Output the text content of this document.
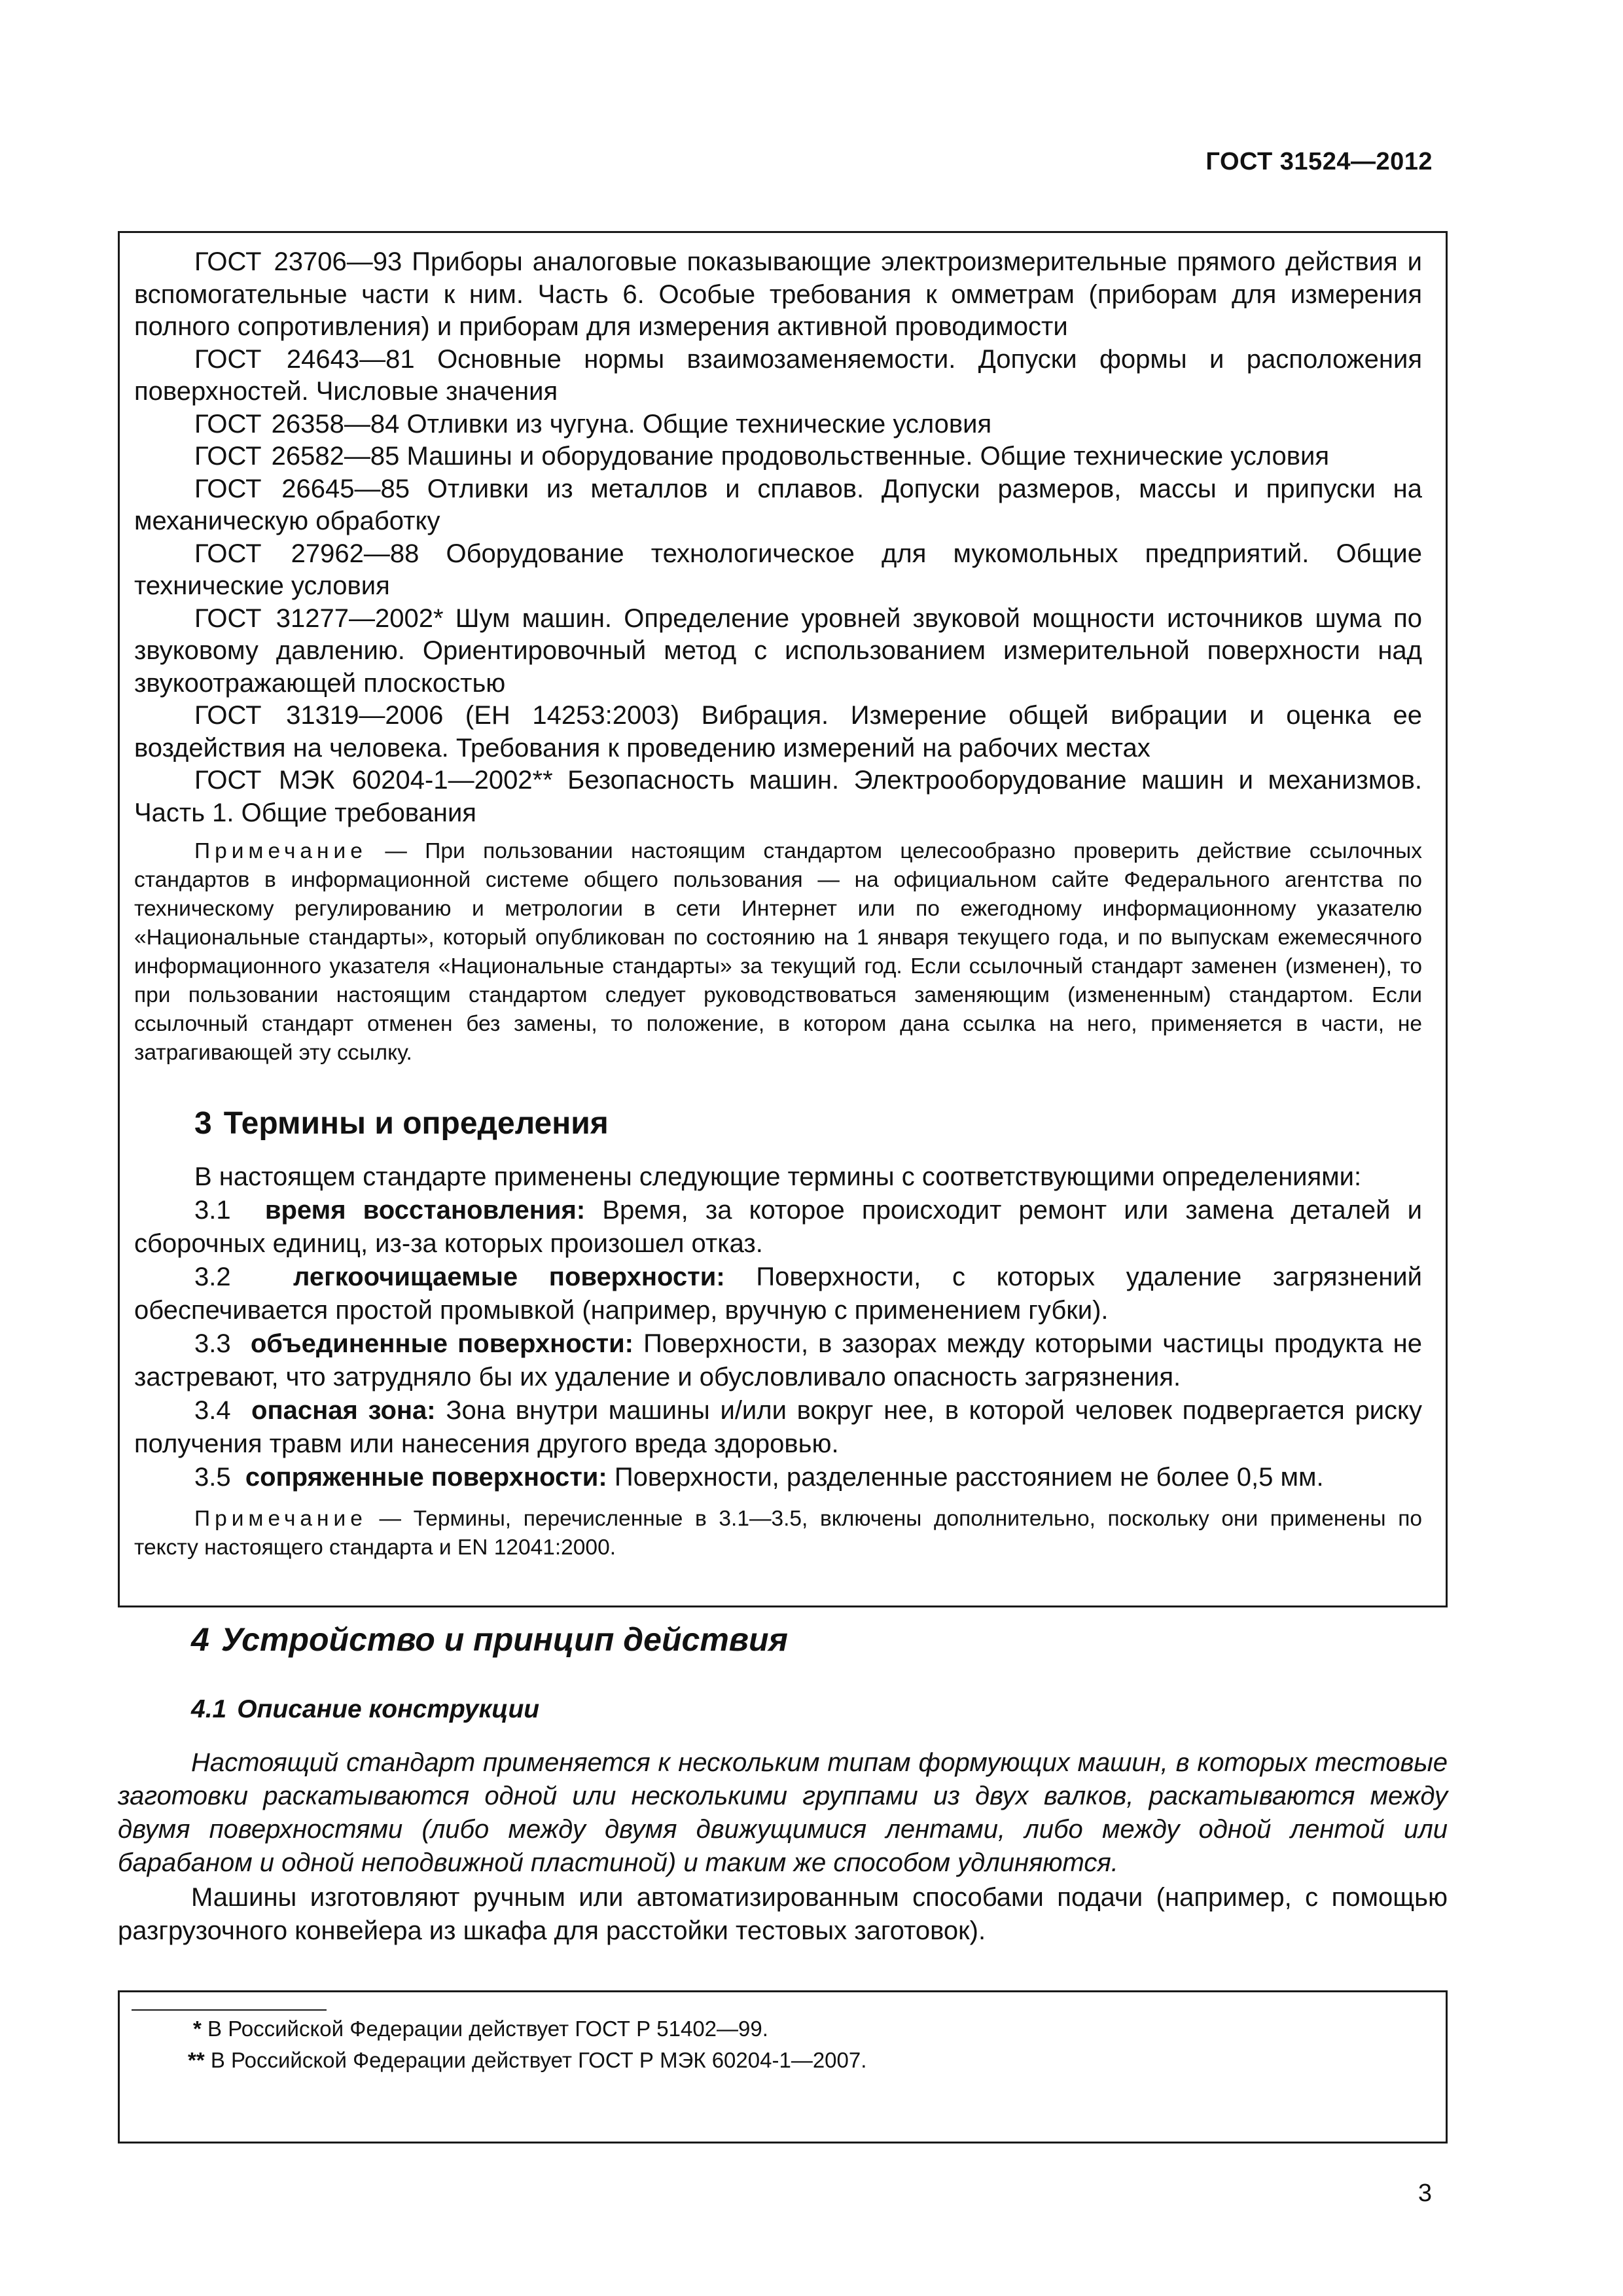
ГОСТ 31524—2012

ГОСТ 23706—93 Приборы аналоговые показывающие электроизмерительные прямого действия и вспомогательные части к ним. Часть 6. Особые требования к омметрам (приборам для измерения полного сопротивления) и приборам для измерения активной проводимости

ГОСТ 24643—81 Основные нормы взаимозаменяемости. Допуски формы и расположения поверхностей. Числовые значения

ГОСТ 26358—84 Отливки из чугуна. Общие технические условия

ГОСТ 26582—85 Машины и оборудование продовольственные. Общие технические условия

ГОСТ 26645—85 Отливки из металлов и сплавов. Допуски размеров, массы и припуски на механическую обработку

ГОСТ 27962—88 Оборудование технологическое для мукомольных предприятий. Общие технические условия

ГОСТ 31277—2002* Шум машин. Определение уровней звуковой мощности источников шума по звуковому давлению. Ориентировочный метод с использованием измерительной поверхности над звукоотражающей плоскостью

ГОСТ 31319—2006 (ЕН 14253:2003) Вибрация. Измерение общей вибрации и оценка ее воздействия на человека. Требования к проведению измерений на рабочих местах

ГОСТ МЭК 60204-1—2002** Безопасность машин. Электрооборудование машин и механизмов. Часть 1. Общие требования

Примечание — При пользовании настоящим стандартом целесообразно проверить действие ссылочных стандартов в информационной системе общего пользования — на официальном сайте Федерального агентства по техническому регулированию и метрологии в сети Интернет или по ежегодному информационному указателю «Национальные стандарты», который опубликован по состоянию на 1 января текущего года, и по выпускам ежемесячного информационного указателя «Национальные стандарты» за текущий год. Если ссылочный стандарт заменен (изменен), то при пользовании настоящим стандартом следует руководствоваться заменяющим (измененным) стандартом. Если ссылочный стандарт отменен без замены, то положение, в котором дана ссылка на него, применяется в части, не затрагивающей эту ссылку.

3 Термины и определения

В настоящем стандарте применены следующие термины с соответствующими определениями:

3.1 время восстановления: Время, за которое происходит ремонт или замена деталей и сборочных единиц, из-за которых произошел отказ.

3.2 легкоочищаемые поверхности: Поверхности, с которых удаление загрязнений обеспечивается простой промывкой (например, вручную с применением губки).

3.3 объединенные поверхности: Поверхности, в зазорах между которыми частицы продукта не застревают, что затрудняло бы их удаление и обусловливало опасность загрязнения.

3.4 опасная зона: Зона внутри машины и/или вокруг нее, в которой человек подвергается риску получения травм или нанесения другого вреда здоровью.

3.5 сопряженные поверхности: Поверхности, разделенные расстоянием не более 0,5 мм.

Примечание — Термины, перечисленные в 3.1—3.5, включены дополнительно, поскольку они применены по тексту настоящего стандарта и EN 12041:2000.

4 Устройство и принцип действия
4.1 Описание конструкции
Настоящий стандарт применяется к нескольким типам формующих машин, в которых тестовые заготовки раскатываются одной или несколькими группами из двух валков, раскатываются между двумя поверхностями (либо между двумя движущимися лентами, либо между одной лентой или барабаном и одной неподвижной пластиной) и таким же способом удлиняются.
Машины изготовляют ручным или автоматизированным способами подачи (например, с помощью разгрузочного конвейера из шкафа для расстойки тестовых заготовок).
* В Российской Федерации действует ГОСТ Р 51402—99.
** В Российской Федерации действует ГОСТ Р МЭК 60204-1—2007.
3
